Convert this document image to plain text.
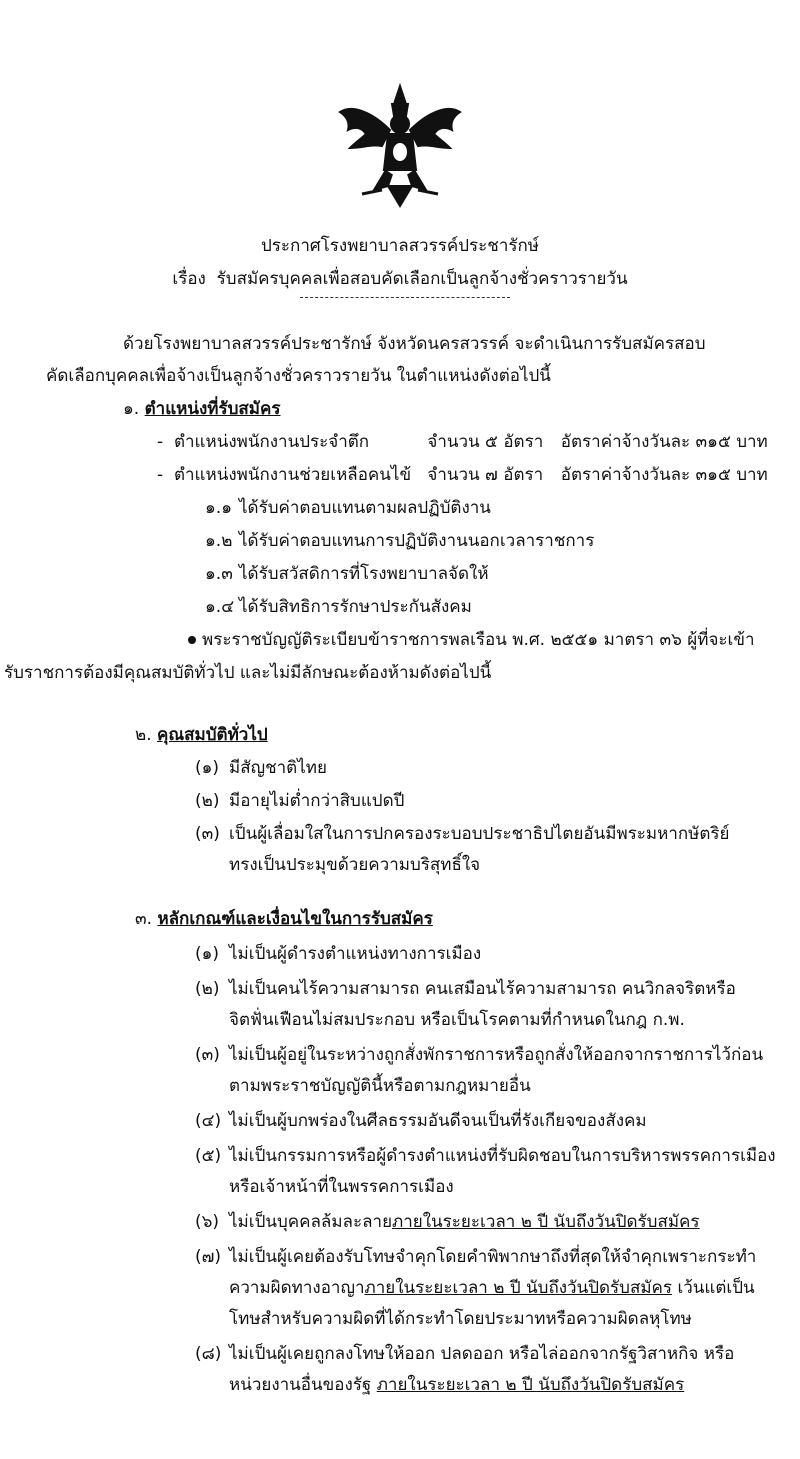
ประกาศโรงพยาบาลสวรรค์ประชารักษ์
เรื่อง รับสมัครบุคคลเพื่อสอบคัดเลือกเป็นลูกจ้างชั่วคราวรายวัน
ด้วยโรงพยาบาลสวรรค์ประชารักษ์ จังหวัดนครสวรรค์ จะดำเนินการรับสมัครสอบ
คัดเลือกบุคคลเพื่อจ้างเป็นลูกจ้างชั่วคราวรายวัน ในตำแหน่งดังต่อไปนี้
๑. ตำแหน่งที่รับสมัคร
- ตำแหน่งพนักงานประจำตึก	จำนวน ๕ อัตรา อัตราค่าจ้างวันละ ๓๑๕ บาท
- ตำแหน่งพนักงานช่วยเหลือคนไข้ จำนวน ๗ อัตรา อัตราค่าจ้างวันละ ๓๑๕ บาท
๑.๑ ได้รับค่าตอบแทนตามผลปฏิบัติงาน
๑.๒ ได้รับค่าตอบแทนการปฏิบัติงานนอกเวลาราชการ
๑.๓ ได้รับสวัสดิการที่โรงพยาบาลจัดให้
๑.๔ ได้รับสิทธิการรักษาประกันสังคม
พระราชบัญญัติระเบียบข้าราชการพลเรือน พ.ศ. ๒๕๕๑ มาตรา ๓๖ ผู้ที่จะเข้า
รับราชการต้องมีคุณสมบัติทั่วไป และไม่มีลักษณะต้องห้ามดังต่อไปนี้
๒. คุณสมบัติทั่วไป
(๑) มีสัญชาติไทย
(๒) มีอายุไม่ต่ำกว่าสิบแปดปี
(๓) เป็นผู้เลื่อมใสในการปกครองระบอบประชาธิปไตยอันมีพระมหากษัตริย์
ทรงเป็นประมุขด้วยความบริสุทธิ์ใจ
๓. หลักเกณฑ์และเงื่อนไขในการรับสมัคร
(๑) ไม่เป็นผู้ดำรงตำแหน่งทางการเมือง
(๒) ไม่เป็นคนไร้ความสามารถ คนเสมือนไร้ความสามารถ คนวิกลจริตหรือ
จิตฟั่นเฟือนไม่สมประกอบ หรือเป็นโรคตามที่กำหนดในกฎ ก.พ.
(๓) ไม่เป็นผู้อยู่ในระหว่างถูกสั่งพักราชการหรือถูกสั่งให้ออกจากราชการไว้ก่อน
ตามพระราชบัญญัตินี้หรือตามกฎหมายอื่น
(๔) ไม่เป็นผู้บกพร่องในศีลธรรมอันดีจนเป็นที่รังเกียจของสังคม
(๕) ไม่เป็นกรรมการหรือผู้ดำรงตำแหน่งที่รับผิดชอบในการบริหารพรรคการเมือง
หรือเจ้าหน้าที่ในพรรคการเมือง
(๖) ไม่เป็นบุคคลล้มละลายภายในระยะเวลา ๒ ปี นับถึงวันปิดรับสมัคร
(๗) ไม่เป็นผู้เคยต้องรับโทษจำคุกโดยคำพิพากษาถึงที่สุดให้จำคุกเพราะกระทำ
ความผิดทางอาญาภายในระยะเวลา ๒ ปี นับถึงวันปิดรับสมัคร เว้นแต่เป็น
โทษสำหรับความผิดที่ได้กระทำโดยประมาทหรือความผิดลหุโทษ
(๘) ไม่เป็นผู้เคยถูกลงโทษให้ออก ปลดออก หรือไล่ออกจากรัฐวิสาหกิจ หรือ
หน่วยงานอื่นของรัฐ ภายในระยะเวลา ๒ ปี นับถึงวันปิดรับสมัคร
